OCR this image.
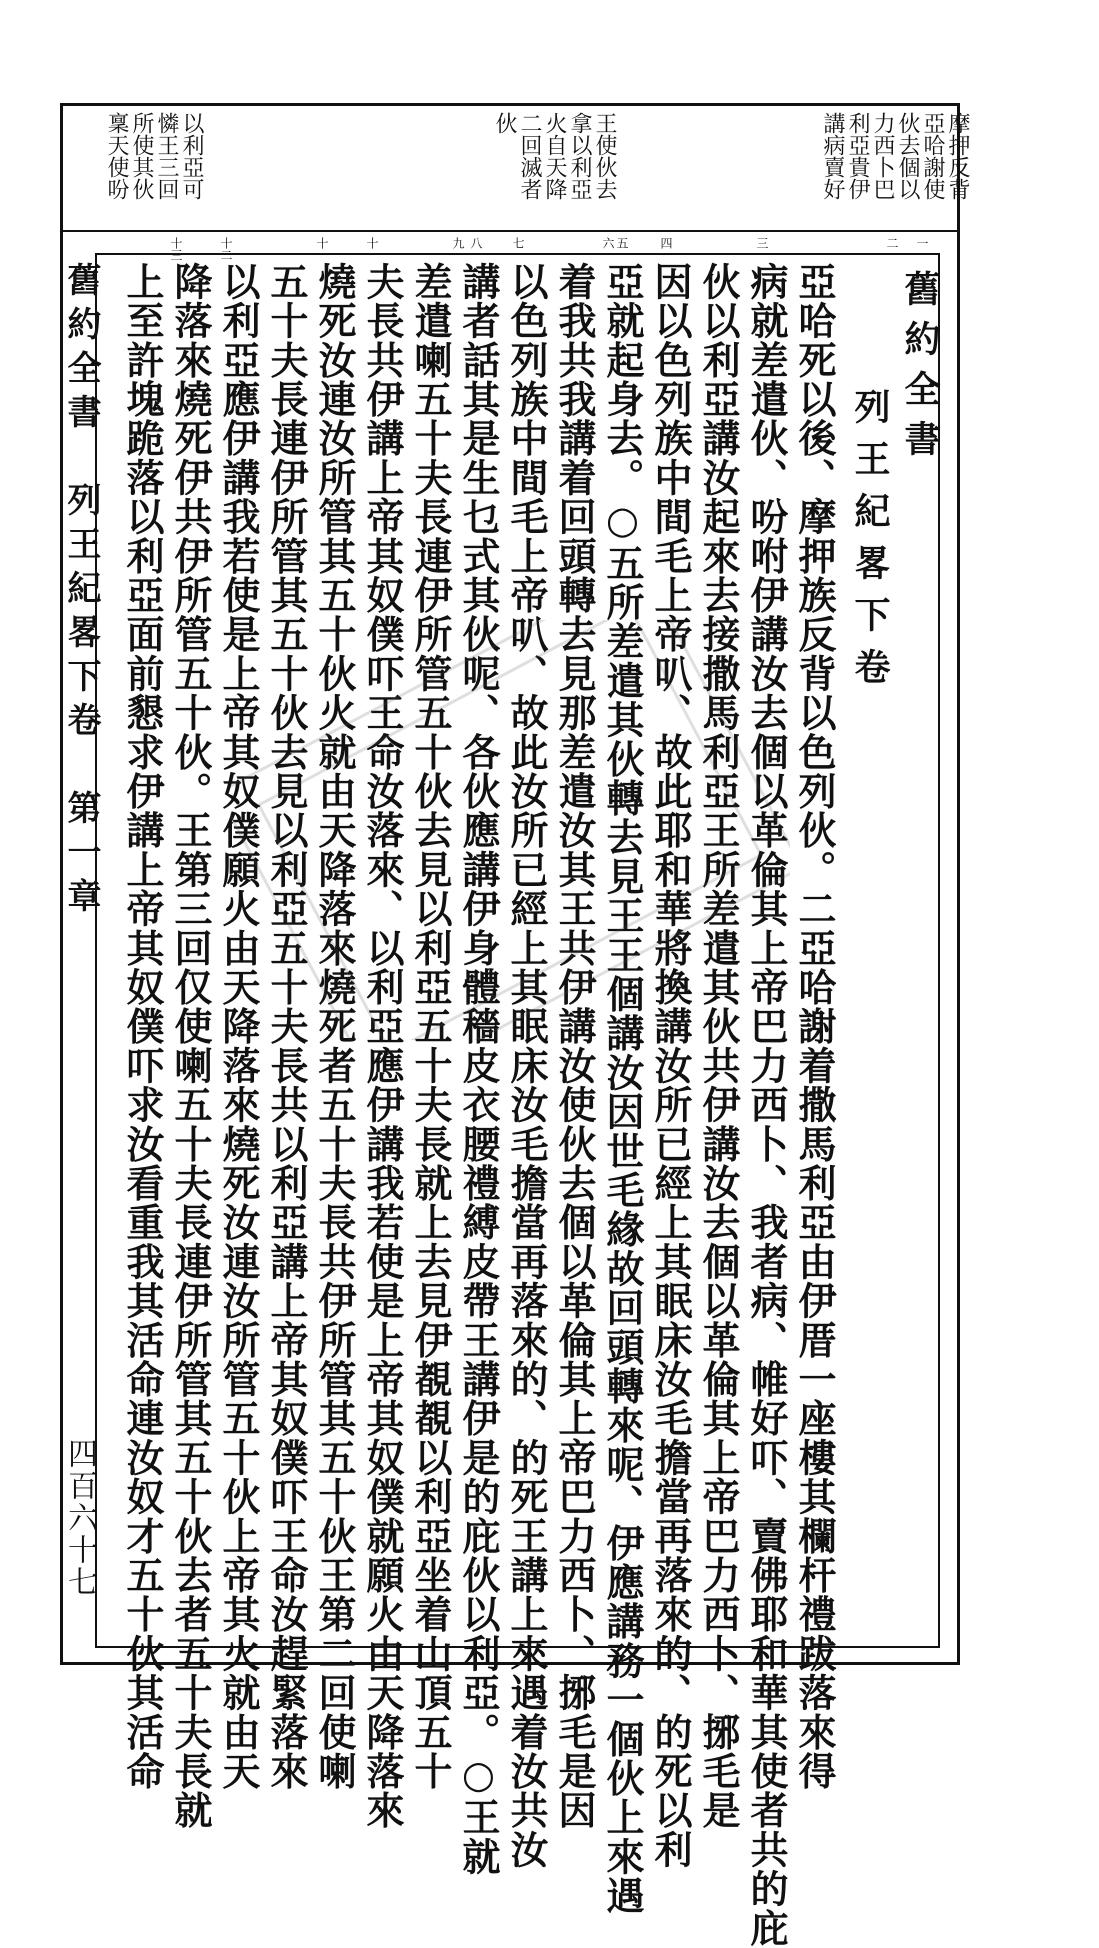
摩押反背
亞哈謝使
伙去個以
力西卜巴
利亞貴伊
講病賣好
王使伙去
拿以利亞
火自天降
二回滅者
伙
以利亞可
憐王三回
所使其伙
稟天使吩
舊約全書　列王紀畧下卷　第一章
四百六十七
一
二
三
四
五
六
七
八
九
十
十一
十二
十三
舊約全書
列王紀畧下卷
亞哈死以後、摩押族反背以色列伙。二亞哈謝着撒馬利亞由伊厝一座樓其欄杆禮跋落來得
病就差遣伙、吩咐伊講汝去個以革倫其上帝巴力西卜、我者病、帷好吓、賣佛耶和華其使者共的庇
伙以利亞講汝起來去接撒馬利亞王所差遣其伙共伊講汝去個以革倫其上帝巴力西卜、捓毛是
因以色列族中間毛上帝叭、故此耶和華將換講汝所已經上其眠床汝毛擔當再落來的、的死以利
亞就起身去。○五所差遣其伙轉去見王王個講汝因世毛緣故回頭轉來呢、伊應講務一個伙上來遇
着我共我講着回頭轉去見那差遣汝其王共伊講汝使伙去個以革倫其上帝巴力西卜、捓毛是因
以色列族中間毛上帝叭、故此汝所已經上其眠床汝毛擔當再落來的、的死王講上來遇着汝共汝
講者話其是生乜式其伙呢、各伙應講伊身體穡皮衣腰禮縛皮帶王講伊是的庇伙以利亞。○王就
差遣喇五十夫長連伊所管五十伙去見以利亞五十夫長就上去見伊覩覩以利亞坐着山頂五十
夫長共伊講上帝其奴僕吓王命汝落來、以利亞應伊講我若使是上帝其奴僕就願火由天降落來
燒死汝連汝所管其五十伙火就由天降落來燒死者五十夫長共伊所管其五十伙王第二回使喇
五十夫長連伊所管其五十伙去見以利亞五十夫長共以利亞講上帝其奴僕吓王命汝趕緊落來
以利亞應伊講我若使是上帝其奴僕願火由天降落來燒死汝連汝所管五十伙上帝其火就由天
降落來燒死伊共伊所管五十伙。王第三回仅使喇五十夫長連伊所管其五十伙去者五十夫長就
上至許塊跪落以利亞面前懇求伊講上帝其奴僕吓求汝看重我其活命連汝奴才五十伙其活命
